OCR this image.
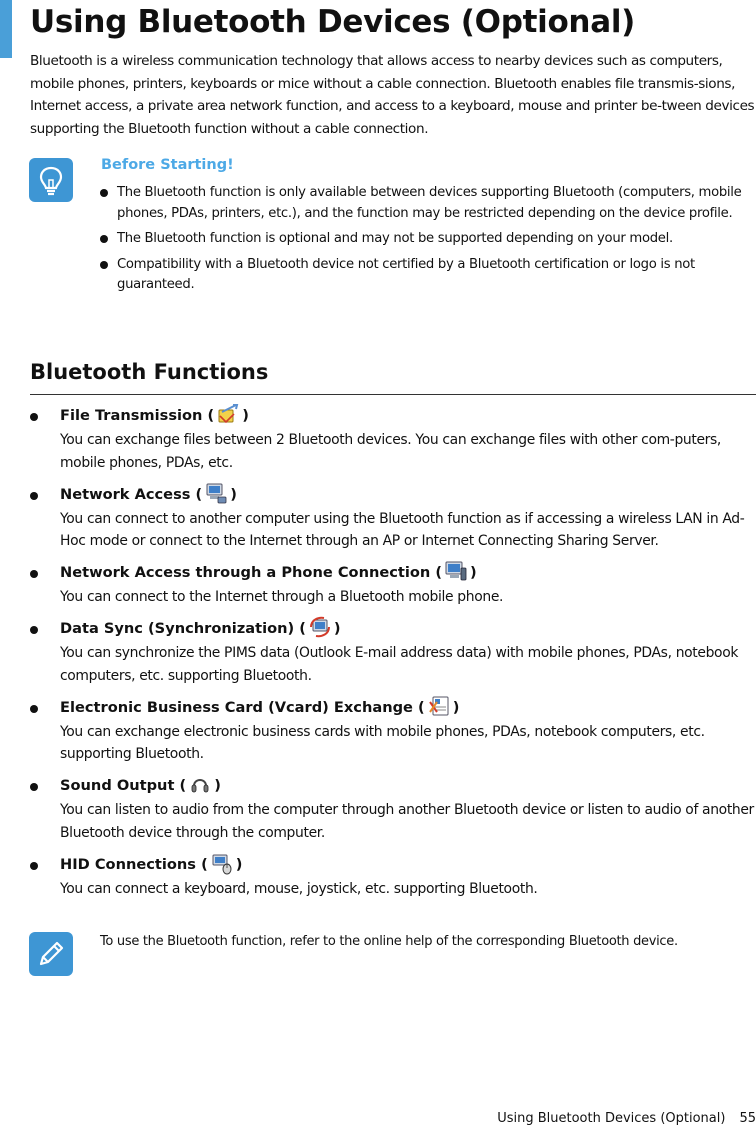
Using Bluetooth Devices (Optional)

Bluetooth is a wireless communication technology that allows access to nearby devices such as computers, mobile phones, printers, keyboards or mice without a cable connection. Bluetooth enables file transmis-sions, Internet access, a private area network function, and access to a keyboard, mouse and printer be-tween devices supporting the Bluetooth function without a cable connection.

Before Starting!
The Bluetooth function is only available between devices supporting Bluetooth (computers, mobile phones, PDAs, printers, etc.), and the function may be restricted depending on the device profile.
The Bluetooth function is optional and may not be supported depending on your model.
Compatibility with a Bluetooth device not certified by a Bluetooth certification or logo is not guaranteed.
Bluetooth Functions
File Transmission ( )
You can exchange files between 2 Bluetooth devices. You can exchange files with other com-puters, mobile phones, PDAs, etc.
Network Access ( )
You can connect to another computer using the Bluetooth function as if accessing a wireless LAN in Ad-Hoc mode or connect to the Internet through an AP or Internet Connecting Sharing Server.
Network Access through a Phone Connection ( )
You can connect to the Internet through a Bluetooth mobile phone.
Data Sync (Synchronization) ( )
You can synchronize the PIMS data (Outlook E-mail address data) with mobile phones, PDAs, notebook computers, etc. supporting Bluetooth.
Electronic Business Card (Vcard) Exchange ( )
You can exchange electronic business cards with mobile phones, PDAs, notebook computers, etc. supporting Bluetooth.
Sound Output ( )
You can listen to audio from the computer through another Bluetooth device or listen to audio of another Bluetooth device through the computer.
HID Connections ( )
You can connect a keyboard, mouse, joystick, etc. supporting Bluetooth.
To use the Bluetooth function, refer to the online help of the corresponding Bluetooth device.
Using Bluetooth Devices (Optional) 55
